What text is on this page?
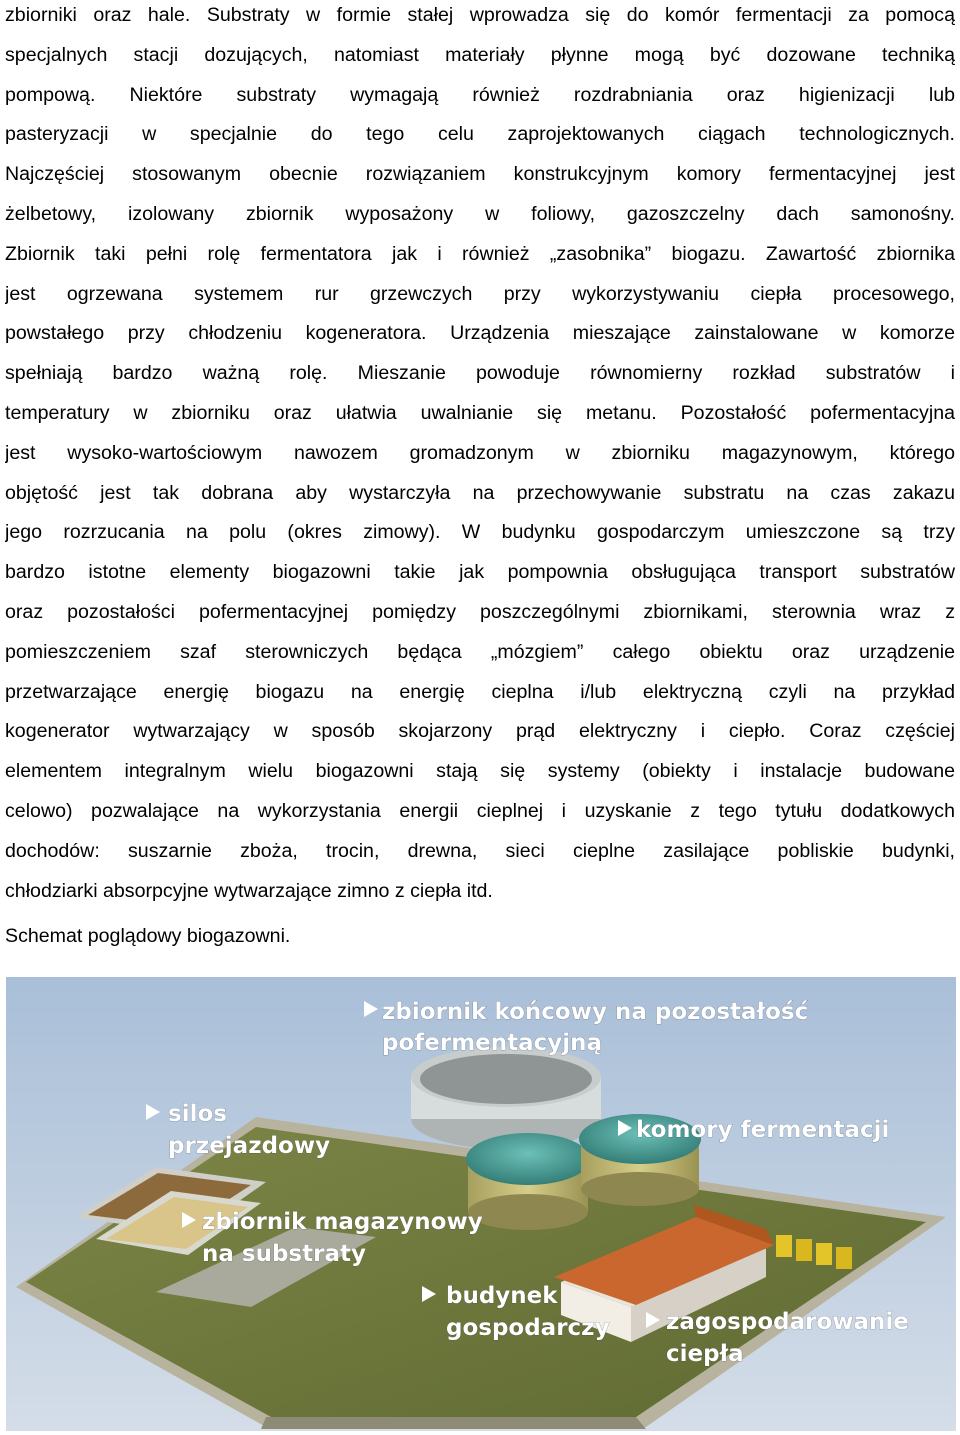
zbiorniki oraz hale. Substraty w formie stałej wprowadza się do komór fermentacji za pomocą
specjalnych stacji dozujących, natomiast materiały płynne mogą być dozowane techniką
pompową. Niektóre substraty wymagają również rozdrabniania oraz higienizacji lub
pasteryzacji w specjalnie do tego celu zaprojektowanych ciągach technologicznych.
Najczęściej stosowanym obecnie rozwiązaniem konstrukcyjnym komory fermentacyjnej jest
żelbetowy, izolowany zbiornik wyposażony w foliowy, gazoszczelny dach samonośny.
Zbiornik taki pełni rolę fermentatora jak i również „zasobnika” biogazu. Zawartość zbiornika
jest ogrzewana systemem rur grzewczych przy wykorzystywaniu ciepła procesowego,
powstałego przy chłodzeniu kogeneratora. Urządzenia mieszające zainstalowane w komorze
spełniają bardzo ważną rolę. Mieszanie powoduje równomierny rozkład substratów i
temperatury w zbiorniku oraz ułatwia uwalnianie się metanu. Pozostałość pofermentacyjna
jest wysoko-wartościowym nawozem gromadzonym w zbiorniku magazynowym, którego
objętość jest tak dobrana aby wystarczyła na przechowywanie substratu na czas zakazu
jego rozrzucania na polu (okres zimowy). W budynku gospodarczym umieszczone są trzy
bardzo istotne elementy biogazowni takie jak pompownia obsługująca transport substratów
oraz pozostałości pofermentacyjnej pomiędzy poszczególnymi zbiornikami, sterownia wraz z
pomieszczeniem szaf sterowniczych będąca „mózgiem” całego obiektu oraz urządzenie
przetwarzające energię biogazu na energię cieplna i/lub elektryczną czyli na przykład
kogenerator wytwarzający w sposób skojarzony prąd elektryczny i ciepło. Coraz częściej
elementem integralnym wielu biogazowni stają się systemy (obiekty i instalacje budowane
celowo) pozwalające na wykorzystania energii cieplnej i uzyskanie z tego tytułu dodatkowych
dochodów: suszarnie zboża, trocin, drewna, sieci cieplne zasilające pobliskie budynki,
chłodziarki absorpcyjne wytwarzające zimno z ciepła itd.
Schemat poglądowy biogazowni.
zbiornik końcowy na pozostałość
pofermentacyjną
silos
przejazdowy
komory fermentacji
zbiornik magazynowy
na substraty
budynek
gospodarczy zagospodarowanie
ciepła
